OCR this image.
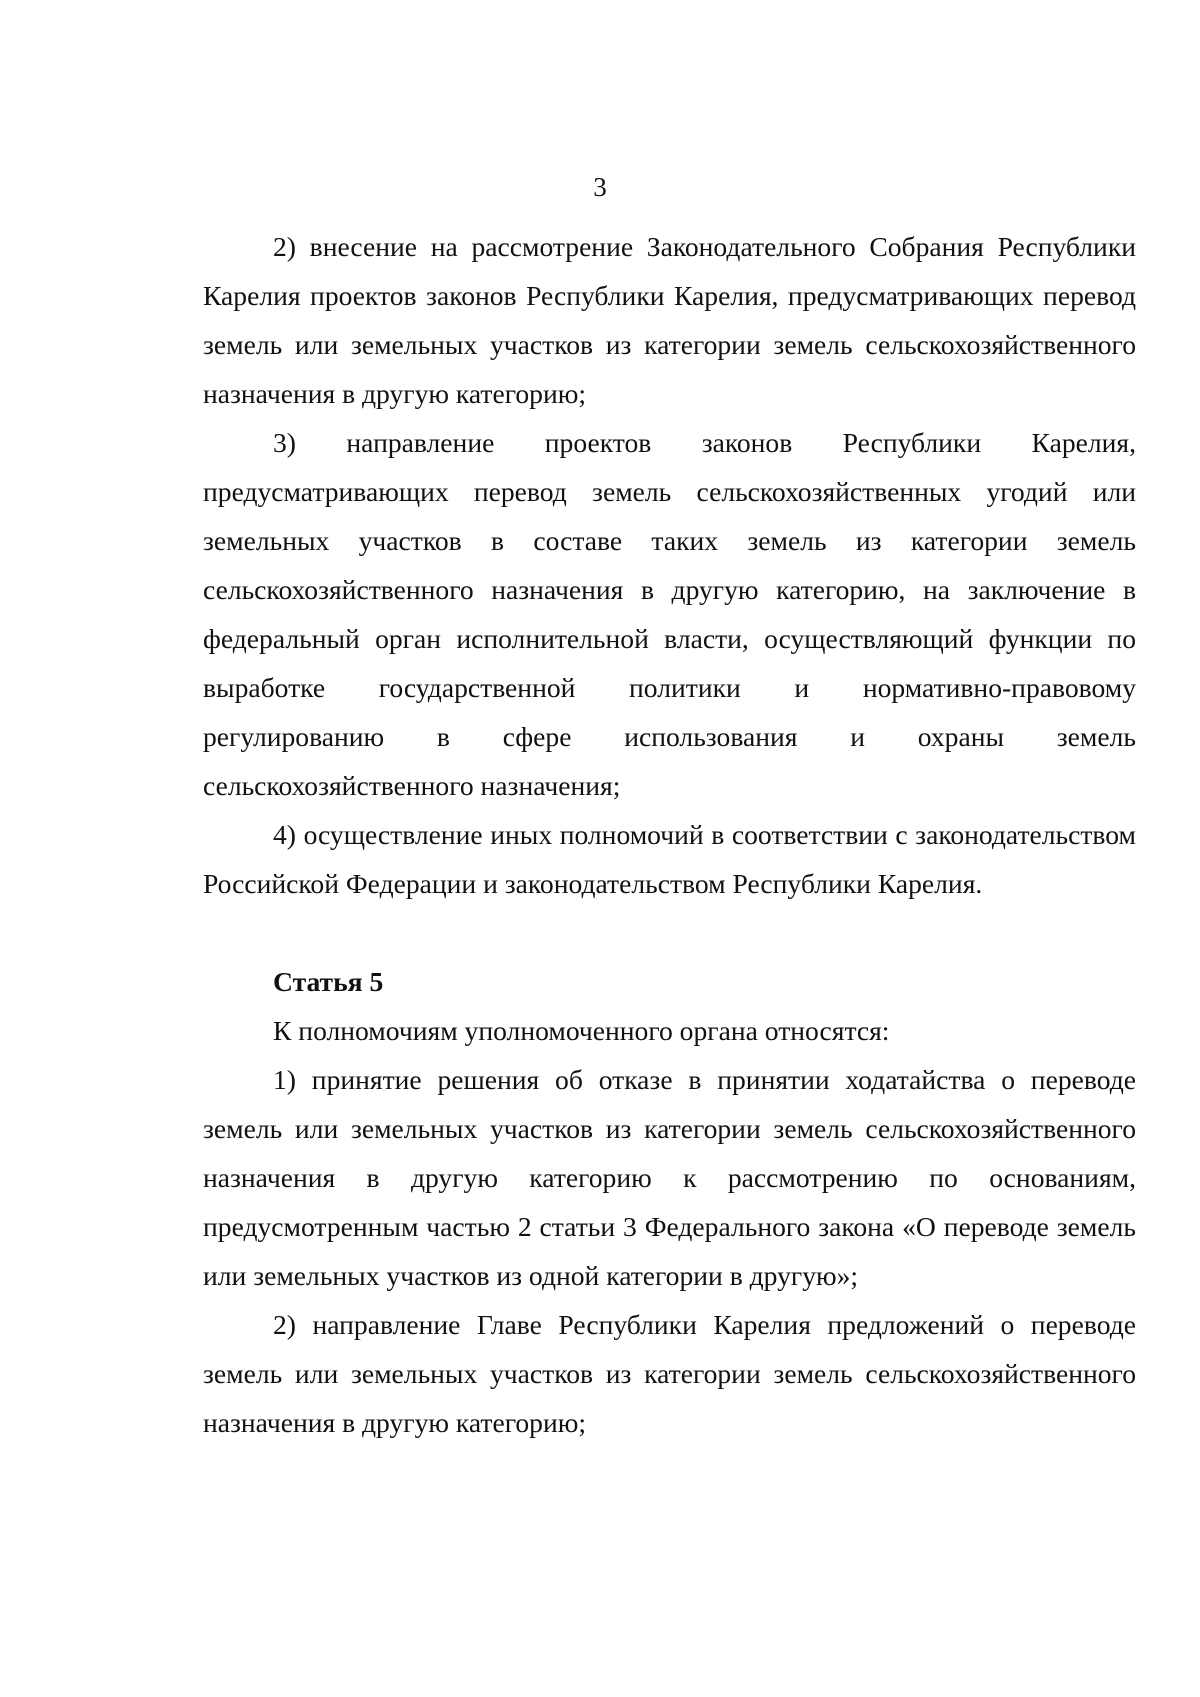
3

2) внесение на рассмотрение Законодательного Собрания Республики Карелия проектов законов Республики Карелия, предусматривающих перевод земель или земельных участков из категории земель сельскохозяйственного назначения в другую категорию;

3) направление проектов законов Республики Карелия, предусматривающих перевод земель сельскохозяйственных угодий или земельных участков в составе таких земель из категории земель сельскохозяйственного назначения в другую категорию, на заключение в федеральный орган исполнительной власти, осуществляющий функции по выработке государственной политики и нормативно-правовому регулированию в сфере использования и охраны земель сельскохозяйственного назначения;

4) осуществление иных полномочий в соответствии с законодательством Российской Федерации и законодательством Республики Карелия.

Статья 5

К полномочиям уполномоченного органа относятся:

1) принятие решения об отказе в принятии ходатайства о переводе земель или земельных участков из категории земель сельскохозяйственного назначения в другую категорию к рассмотрению по основаниям, предусмотренным частью 2 статьи 3 Федерального закона «О переводе земель или земельных участков из одной категории в другую»;

2) направление Главе Республики Карелия предложений о переводе земель или земельных участков из категории земель сельскохозяйственного назначения в другую категорию;
